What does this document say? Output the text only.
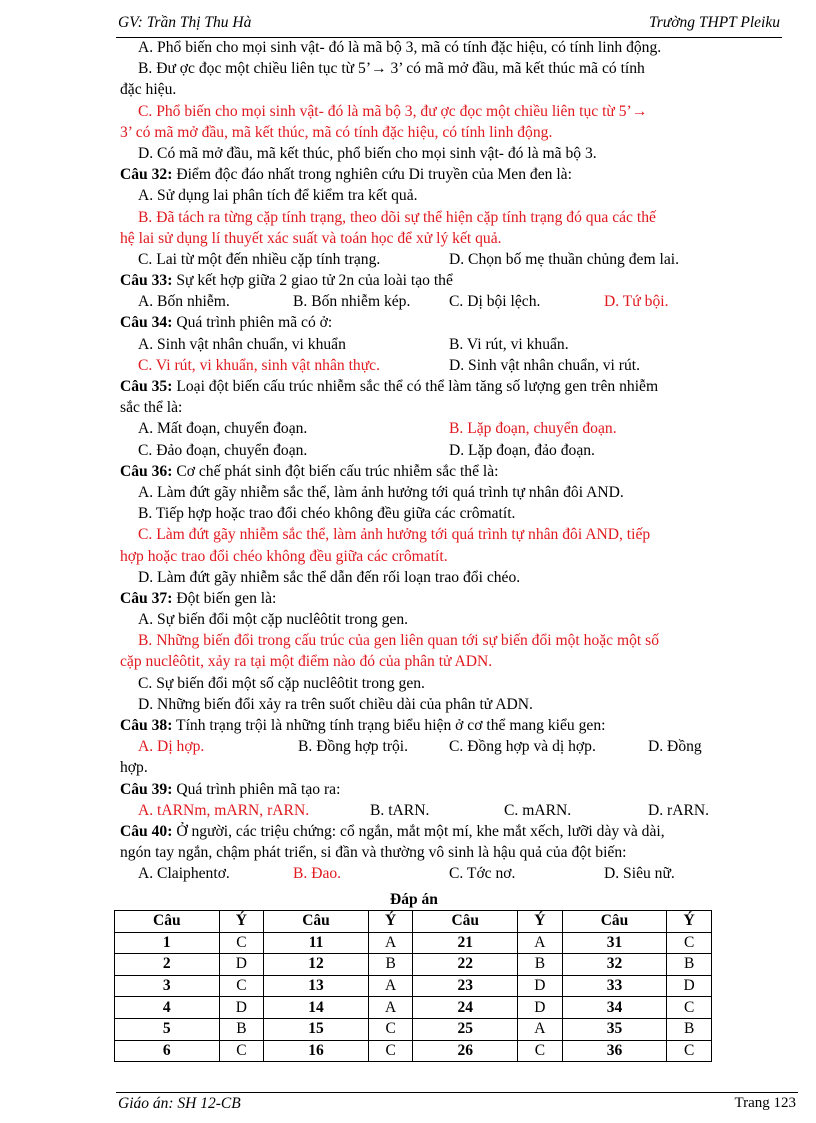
GV: Trần Thị Thu Hà	Trường THPT Pleiku
A. Phổ biến cho mọi sinh vật- đó là mã bộ 3, mã có tính đặc hiệu, có tính linh động.
B. Đư ợc đọc một chiều liên tục từ 5’→ 3’ có mã mở đầu, mã kết thúc mã có tính
đặc hiệu.
C. Phổ biến cho mọi sinh vật- đó là mã bộ 3, đư ợc đọc một chiều liên tục từ 5’→
3’ có mã mở đầu, mã kết thúc, mã có tính đặc hiệu, có tính linh động.
D. Có mã mở đầu, mã kết thúc, phổ biến cho mọi sinh vật- đó là mã bộ 3.
Câu 32: Điểm độc đáo nhất trong nghiên cứu Di truyền của Men đen là:
A. Sử dụng lai phân tích để kiểm tra kết quả.
B. Đã tách ra từng cặp tính trạng, theo dõi sự thể hiện cặp tính trạng đó qua các thế
hệ lai sử dụng lí thuyết xác suất và toán học để xử lý kết quả.
C. Lai từ một đến nhiều cặp tính trạng.	D. Chọn bố mẹ thuần chủng đem lai.
Câu 33: Sự kết hợp giữa 2 giao tử 2n của loài tạo thể
A. Bốn nhiễm.	B. Bốn nhiễm kép. C. Dị bội lệch.	D. Tứ bội.
Câu 34: Quá trình phiên mã có ở:
A. Sinh vật nhân chuẩn, vi khuẩn	B. Vi rút, vi khuẩn.
C. Vi rút, vi khuẩn, sinh vật nhân thực.	D. Sinh vật nhân chuẩn, vi rút.
Câu 35: Loại đột biến cấu trúc nhiễm sắc thể có thể làm tăng số lượng gen trên nhiễm
sắc thể là:
A. Mất đoạn, chuyển đoạn.	B. Lặp đoạn, chuyển đoạn.
C. Đảo đoạn, chuyển đoạn.	D. Lặp đoạn, đảo đoạn.
Câu 36: Cơ chế phát sinh đột biến cấu trúc nhiễm sắc thể là:
A. Làm đứt gãy nhiễm sắc thể, làm ảnh hưởng tới quá trình tự nhân đôi AND.
B. Tiếp hợp hoặc trao đổi chéo không đều giữa các crômatít.
C. Làm đứt gãy nhiễm sắc thể, làm ảnh hưởng tới quá trình tự nhân đôi AND, tiếp
hợp hoặc trao đổi chéo không đều giữa các crômatít.
D. Làm đứt gãy nhiễm sắc thể dẫn đến rối loạn trao đổi chéo.
Câu 37: Đột biến gen là:
A. Sự biến đổi một cặp nuclêôtit trong gen.
B. Những biến đổi trong cấu trúc của gen liên quan tới sự biến đổi một hoặc một số
cặp nuclêôtit, xảy ra tại một điểm nào đó của phân tử ADN.
C. Sự biến đổi một số cặp nuclêôtit trong gen.
D. Những biến đổi xảy ra trên suốt chiều dài của phân tử ADN.
Câu 38: Tính trạng trội là những tính trạng biểu hiện ở cơ thể mang kiểu gen:
A. Dị hợp.	B. Đồng hợp trội.	C. Đồng hợp và dị hợp.	D. Đồng
hợp.
Câu 39: Quá trình phiên mã tạo ra:
A. tARNm, mARN, rARN.	B. tARN.	C. mARN.	D. rARN.
Câu 40: Ở người, các triệu chứng: cổ ngắn, mắt một mí, khe mắt xếch, lưỡi dày và dài,
ngón tay ngắn, chậm phát triển, si đần và thường vô sinh là hậu quả của đột biến:
A. Claiphentơ.	B. Đao.	C. Tớc nơ.	D. Siêu nữ.
Đáp án
Câu	Ý	Câu	Ý	Câu	Ý	Câu	Ý
1	C	11	A	21	A	31	C
2	D	12	B	22	B	32	B
3	C	13	A	23	D	33	D
4	D	14	A	24	D	34	C
5	B	15	C	25	A	35	B
6	C	16	C	26	C	36	C
Giáo án: SH 12-CB	Trang 123
